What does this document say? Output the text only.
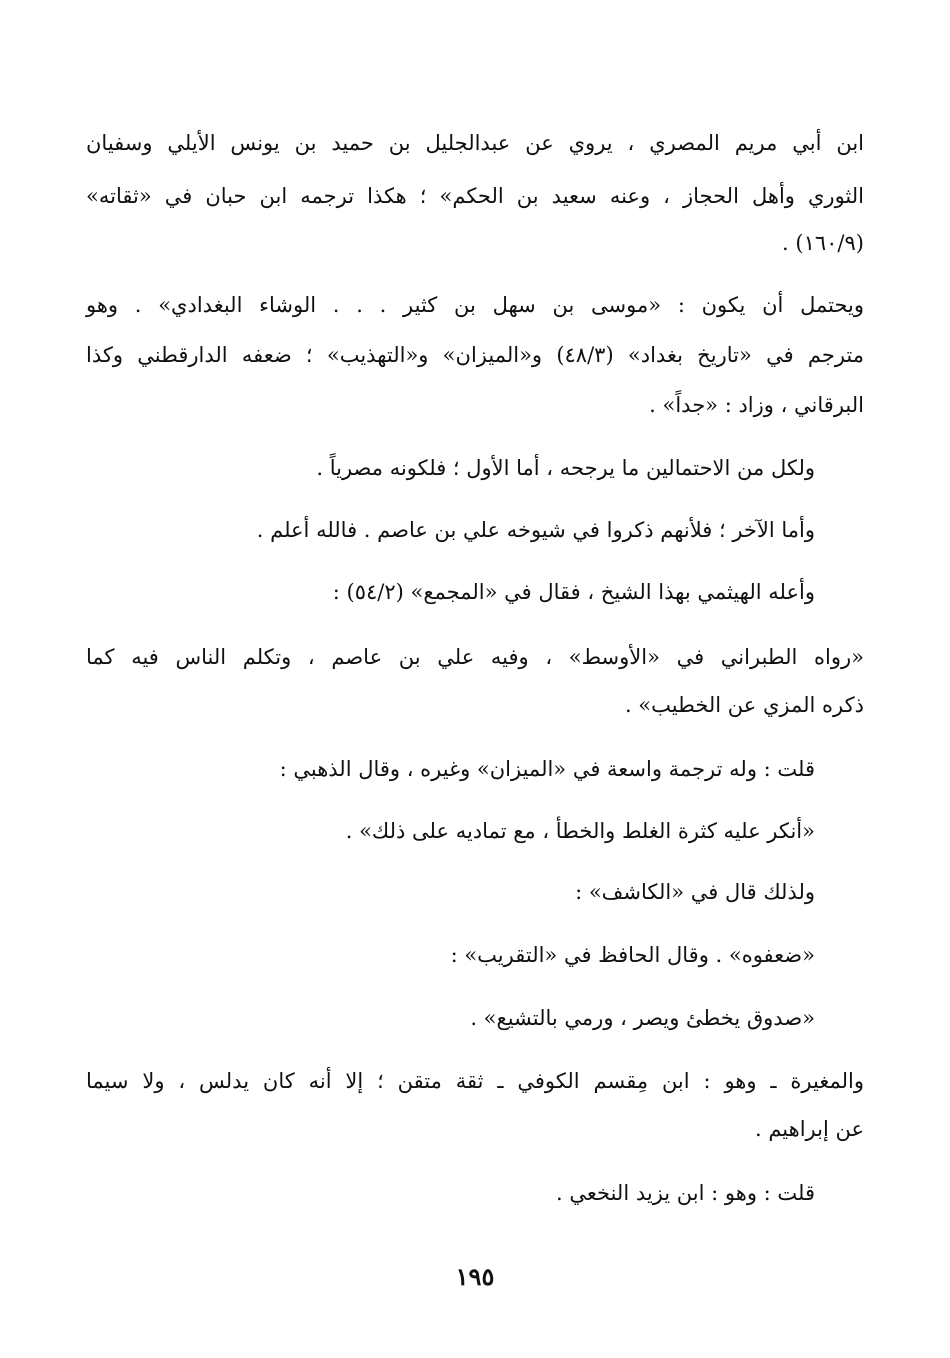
ابن أبي مريم المصري ، يروي عن عبدالجليل بن حميد بن يونس الأيلي وسفيان
الثوري وأهل الحجاز ، وعنه سعيد بن الحكم» ؛ هكذا ترجمه ابن حبان في «ثقاته»
(١٦٠/٩) .
ويحتمل أن يكون : «موسى بن سهل بن كثير . . . الوشاء البغدادي» . وهو
مترجم في «تاريخ بغداد» (٤٨/٣) و«الميزان» و«التهذيب» ؛ ضعفه الدارقطني وكذا
البرقاني ، وزاد : «جداً» .
ولكل من الاحتمالين ما يرجحه ، أما الأول ؛ فلكونه مصرياً .
وأما الآخر ؛ فلأنهم ذكروا في شيوخه علي بن عاصم . فالله أعلم .
وأعله الهيثمي بهذا الشيخ ، فقال في «المجمع» (٥٤/٢) :
«رواه الطبراني في «الأوسط» ، وفيه علي بن عاصم ، وتكلم الناس فيه كما
ذكره المزي عن الخطيب» .
قلت : وله ترجمة واسعة في «الميزان» وغيره ، وقال الذهبي :
«أنكر عليه كثرة الغلط والخطأ ، مع تماديه على ذلك» .
ولذلك قال في «الكاشف» :
«ضعفوه» . وقال الحافظ في «التقريب» :
«صدوق يخطئ ويصر ، ورمي بالتشيع» .
والمغيرة ـ وهو : ابن مِقسم الكوفي ـ ثقة متقن ؛ إلا أنه كان يدلس ، ولا سيما
عن إبراهيم .
قلت : وهو : ابن يزيد النخعي .
١٩٥
